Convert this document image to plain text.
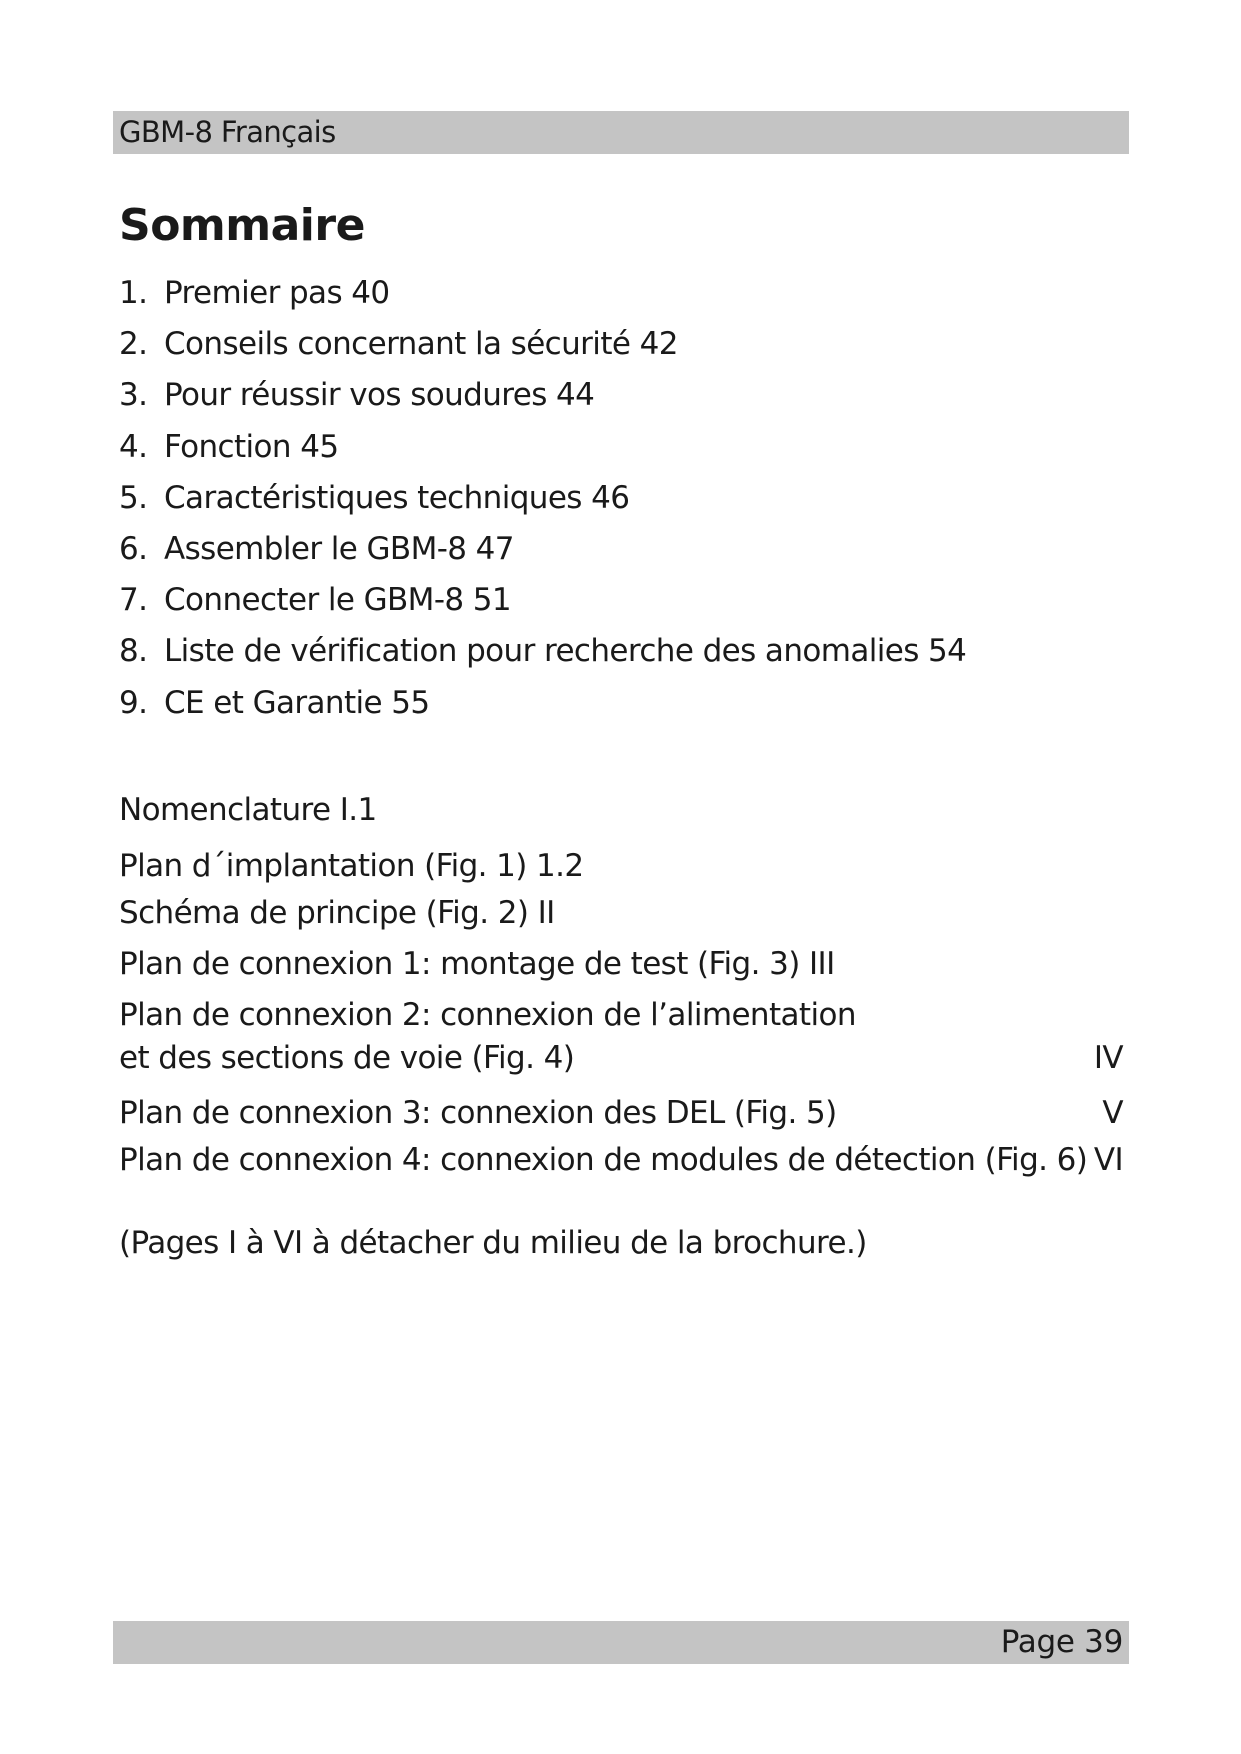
GBM-8 Français
Sommaire
1. Premier pas 40
2. Conseils concernant la sécurité 42
3. Pour réussir vos soudures 44
4. Fonction 45
5. Caractéristiques techniques 46
6. Assembler le GBM-8 47
7. Connecter le GBM-8 51
8. Liste de vérification pour recherche des anomalies 54
9. CE et Garantie 55
Nomenclature I.1
Plan d´implantation (Fig. 1) 1.2
Schéma de principe (Fig. 2) II
Plan de connexion 1: montage de test (Fig. 3) III
Plan de connexion 2: connexion de l’alimentation
et des sections de voie (Fig. 4)	IV
Plan de connexion 3: connexion des DEL (Fig. 5)	V
Plan de connexion 4: connexion de modules de détection (Fig. 6) VI
(Pages I à VI à détacher du milieu de la brochure.)
Page 39
